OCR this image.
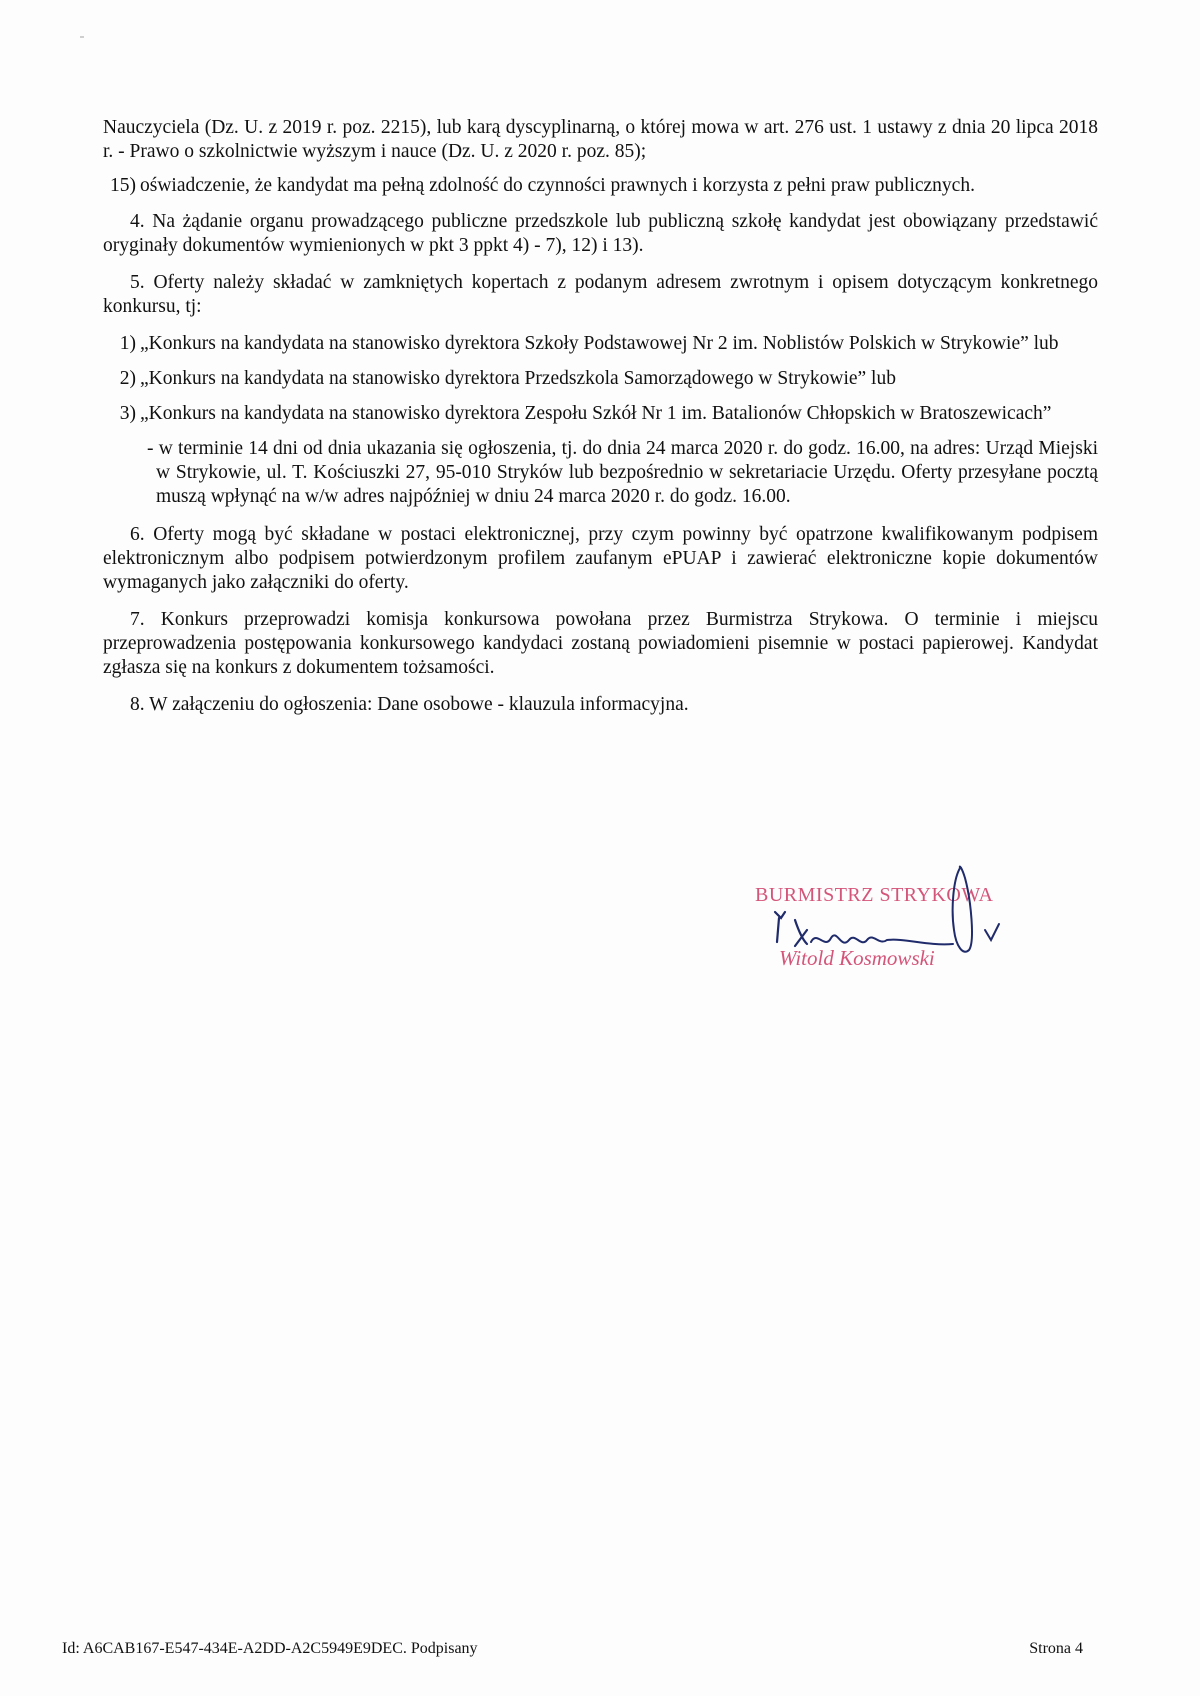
Nauczyciela (Dz. U. z 2019 r. poz. 2215), lub karą dyscyplinarną, o której mowa w art. 276 ust. 1 ustawy z dnia 20 lipca 2018 r. - Prawo o szkolnictwie wyższym i nauce (Dz. U. z 2020 r. poz. 85);

15) oświadczenie, że kandydat ma pełną zdolność do czynności prawnych i korzysta z pełni praw publicznych.

4. Na żądanie organu prowadzącego publiczne przedszkole lub publiczną szkołę kandydat jest obowiązany przedstawić oryginały dokumentów wymienionych w pkt 3 ppkt 4) - 7), 12) i 13).

5. Oferty należy składać w zamkniętych kopertach z podanym adresem zwrotnym i opisem dotyczącym konkretnego konkursu, tj:

1) „Konkurs na kandydata na stanowisko dyrektora Szkoły Podstawowej Nr 2 im. Noblistów Polskich w Strykowie” lub
2) „Konkurs na kandydata na stanowisko dyrektora Przedszkola Samorządowego w Strykowie” lub
3) „Konkurs na kandydata na stanowisko dyrektora Zespołu Szkół Nr 1 im. Batalionów Chłopskich w Bratoszewicach”

- w terminie 14 dni od dnia ukazania się ogłoszenia, tj. do dnia 24 marca 2020 r. do godz. 16.00, na adres: Urząd Miejski w Strykowie, ul. T. Kościuszki 27, 95-010 Stryków lub bezpośrednio w sekretariacie Urzędu. Oferty przesyłane pocztą muszą wpłynąć na w/w adres najpóźniej w dniu 24 marca 2020 r. do godz. 16.00.

6. Oferty mogą być składane w postaci elektronicznej, przy czym powinny być opatrzone kwalifikowanym podpisem elektronicznym albo podpisem potwierdzonym profilem zaufanym ePUAP i zawierać elektroniczne kopie dokumentów wymaganych jako załączniki do oferty.

7. Konkurs przeprowadzi komisja konkursowa powołana przez Burmistrza Strykowa. O terminie i miejscu przeprowadzenia postępowania konkursowego kandydaci zostaną powiadomieni pisemnie w postaci papierowej. Kandydat zgłasza się na konkurs z dokumentem tożsamości.

8. W załączeniu do ogłoszenia: Dane osobowe - klauzula informacyjna.

BURMISTRZ STRYKOWA
Witold Kosmowski
Id: A6CAB167-E547-434E-A2DD-A2C5949E9DEC. Podpisany	Strona 4
